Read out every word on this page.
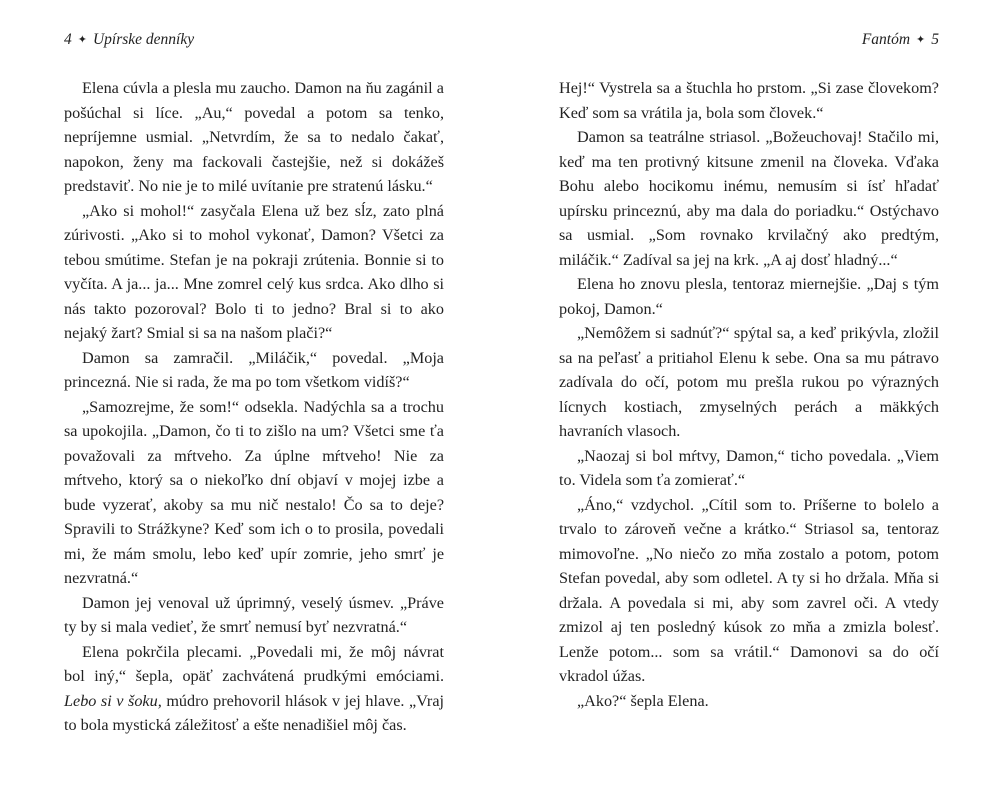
4 ✦ Upírske denníky

Elena cúvla a plesla mu zaucho. Damon na ňu zagánil a pošúchal si líce. „Au,“ povedal a potom sa tenko, nepríjemne usmial. „Netvrdím, že sa to nedalo čakať, napokon, ženy ma fackovali častejšie, než si dokážeš predstaviť. No nie je to milé uvítanie pre stratenú lásku.“

„Ako si mohol!“ zasyčala Elena už bez sĺz, zato plná zúrivosti. „Ako si to mohol vykonať, Damon? Všetci za tebou smútime. Stefan je na pokraji zrútenia. Bonnie si to vyčíta. A ja... ja... Mne zomrel celý kus srdca. Ako dlho si nás takto pozoroval? Bolo ti to jedno? Bral si to ako nejaký žart? Smial si sa na našom plači?“

Damon sa zamračil. „Miláčik,“ povedal. „Moja princezná. Nie si rada, že ma po tom všetkom vidíš?“

„Samozrejme, že som!“ odsekla. Nadýchla sa a trochu sa upokojila. „Damon, čo ti to zišlo na um? Všetci sme ťa považovali za mŕtveho. Za úplne mŕtveho! Nie za mŕtveho, ktorý sa o niekoľko dní objaví v mojej izbe a bude vyzerať, akoby sa mu nič nestalo! Čo sa to deje? Spravili to Strážkyne? Keď som ich o to prosila, povedali mi, že mám smolu, lebo keď upír zomrie, jeho smrť je nezvratná.“

Damon jej venoval už úprimný, veselý úsmev. „Práve ty by si mala vedieť, že smrť nemusí byť nezvratná.“

Elena pokrčila plecami. „Povedali mi, že môj návrat bol iný,“ šepla, opäť zachvátená prudkými emóciami. Lebo si v šoku, múdro prehovoril hlások v jej hlave. „Vraj to bola mystická záležitosť a ešte nenadišiel môj čas.

Fantóm ✦ 5

Hej!“ Vystrela sa a štuchla ho prstom. „Si zase človekom? Keď som sa vrátila ja, bola som človek.“

Damon sa teatrálne striasol. „Božeuchovaj! Stačilo mi, keď ma ten protivný kitsune zmenil na človeka. Vďaka Bohu alebo hocikomu inému, nemusím si ísť hľadať upírsku princeznú, aby ma dala do poriadku.“ Ostýchavo sa usmial. „Som rovnako krvilačný ako predtým, miláčik.“ Zadíval sa jej na krk. „A aj dosť hladný...“

Elena ho znovu plesla, tentoraz miernejšie. „Daj s tým pokoj, Damon.“

„Nemôžem si sadnúť?“ spýtal sa, a keď prikývla, zložil sa na peľasť a pritiahol Elenu k sebe. Ona sa mu pátravo zadívala do očí, potom mu prešla rukou po výrazných lícnych kostiach, zmyselných perách a mäkkých havraních vlasoch.

„Naozaj si bol mŕtvy, Damon,“ ticho povedala. „Viem to. Videla som ťa zomierať.“

„Áno,“ vzdychol. „Cítil som to. Príšerne to bolelo a trvalo to zároveň večne a krátko.“ Striasol sa, tentoraz mimovoľne. „No niečo zo mňa zostalo a potom, potom Stefan povedal, aby som odletel. A ty si ho držala. Mňa si držala. A povedala si mi, aby som zavrel oči. A vtedy zmizol aj ten posledný kúsok zo mňa a zmizla bolesť. Lenže potom... som sa vrátil.“ Damonovi sa do očí vkradol úžas.

„Ako?“ šepla Elena.
